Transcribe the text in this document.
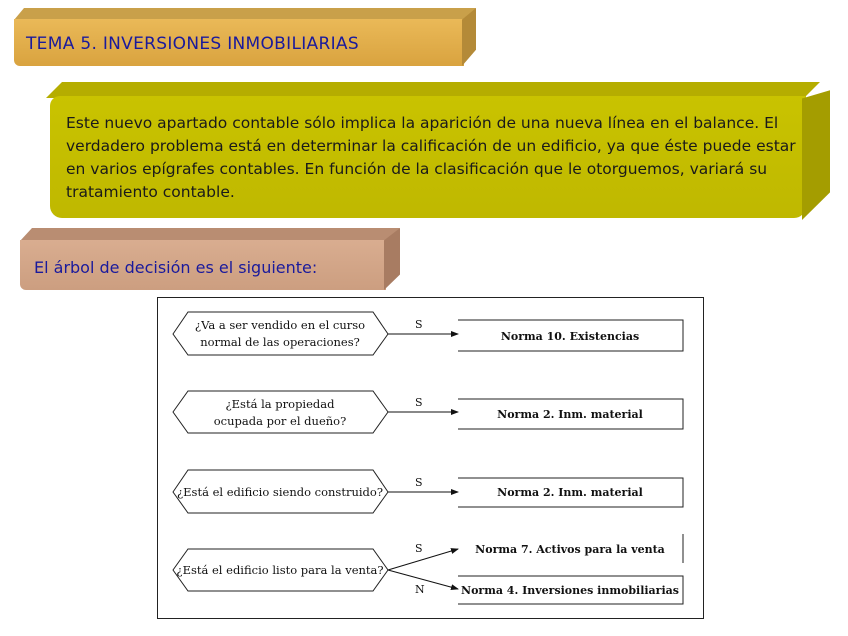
TEMA 5. INVERSIONES INMOBILIARIAS
Este nuevo apartado contable sólo implica la aparición de una nueva línea en el balance. El verdadero problema está en determinar la calificación de un edificio, ya que éste puede estar en varios epígrafes contables. En función de la clasificación que le otorguemos, variará su tratamiento contable.
El árbol de decisión es el siguiente:
¿Va a ser vendido en el curso
normal de las operaciones?
S
Norma 10. Existencias
¿Está la propiedad
ocupada por el dueño?
S
Norma 2. Inm. material
¿Está el edificio siendo construido?
S
Norma 2. Inm. material
¿Está el edificio listo para la venta?
S
N
Norma 7. Activos para la venta
Norma 4. Inversiones inmobiliarias
